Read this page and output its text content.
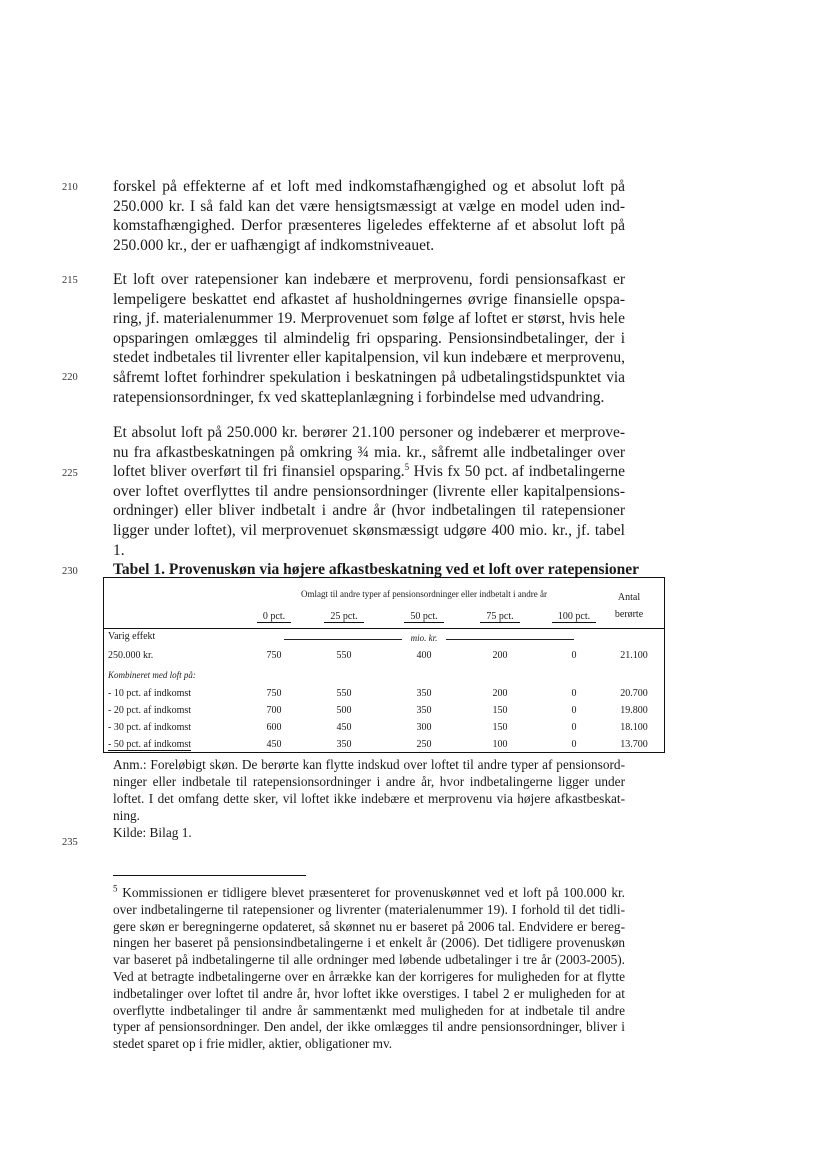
210
215
220
225
230
235
forskel på effekterne af et loft med indkomstafhængighed og et absolut loft på
250.000 kr. I så fald kan det være hensigtsmæssigt at vælge en model uden ind-
komstafhængighed. Derfor præsenteres ligeledes effekterne af et absolut loft på
250.000 kr., der er uafhængigt af indkomstniveauet.
Et loft over ratepensioner kan indebære et merprovenu, fordi pensionsafkast er
lempeligere beskattet end afkastet af husholdningernes øvrige finansielle opspa-
ring, jf. materialenummer 19. Merprovenuet som følge af loftet er størst, hvis hele
opsparingen omlægges til almindelig fri opsparing. Pensionsindbetalinger, der i
stedet indbetales til livrenter eller kapitalpension, vil kun indebære et merprovenu,
såfremt loftet forhindrer spekulation i beskatningen på udbetalingstidspunktet via
ratepensionsordninger, fx ved skatteplanlægning i forbindelse med udvandring.
Et absolut loft på 250.000 kr. berører 21.100 personer og indebærer et merprove-
nu fra afkastbeskatningen på omkring ¾ mia. kr., såfremt alle indbetalinger over
loftet bliver overført til fri finansiel opsparing.$^5$ Hvis fx 50 pct. af indbetalingerne
over loftet overflyttes til andre pensionsordninger (livrente eller kapitalpensions-
ordninger) eller bliver indbetalt i andre år (hvor indbetalingen til ratepensioner
ligger under loftet), vil merprovenuet skønsmæssigt udgøre 400 mio. kr., jf. tabel
1.
Tabel 1. Provenuskøn via højere afkastbeskatning ved et loft over ratepensioner
Omlagt til andre typer af pensionsordninger eller indbetalt i andre år
0 pct.	25 pct.	50 pct.	75 pct.	100 pct.
Antal
berørte
mio. kr.
Varig effekt
250.000 kr.	750	550	400	200	0	21.100
Kombineret med loft på:
- 10 pct. af indkomst	750	550	350	200	0	20.700
- 20 pct. af indkomst	700	500	350	150	0	19.800
- 30 pct. af indkomst	600	450	300	150	0	18.100
- 50 pct. af indkomst	450	350	250	100	0	13.700
Anm.: Foreløbigt skøn. De berørte kan flytte indskud over loftet til andre typer af pensionsord-
ninger eller indbetale til ratepensionsordninger i andre år, hvor indbetalingerne ligger under
loftet. I det omfang dette sker, vil loftet ikke indebære et merprovenu via højere afkastbeskat-
ning.
Kilde: Bilag 1.
$^5$ Kommissionen er tidligere blevet præsenteret for provenuskønnet ved et loft på 100.000 kr.
over indbetalingerne til ratepensioner og livrenter (materialenummer 19). I forhold til det tidli-
gere skøn er beregningerne opdateret, så skønnet nu er baseret på 2006 tal. Endvidere er bereg-
ningen her baseret på pensionsindbetalingerne i et enkelt år (2006). Det tidligere provenuskøn
var baseret på indbetalingerne til alle ordninger med løbende udbetalinger i tre år (2003-2005).
Ved at betragte indbetalingerne over en årrække kan der korrigeres for muligheden for at flytte
indbetalinger over loftet til andre år, hvor loftet ikke overstiges. I tabel 2 er muligheden for at
overflytte indbetalinger til andre år sammentænkt med muligheden for at indbetale til andre
typer af pensionsordninger. Den andel, der ikke omlægges til andre pensionsordninger, bliver i
stedet sparet op i frie midler, aktier, obligationer mv.
